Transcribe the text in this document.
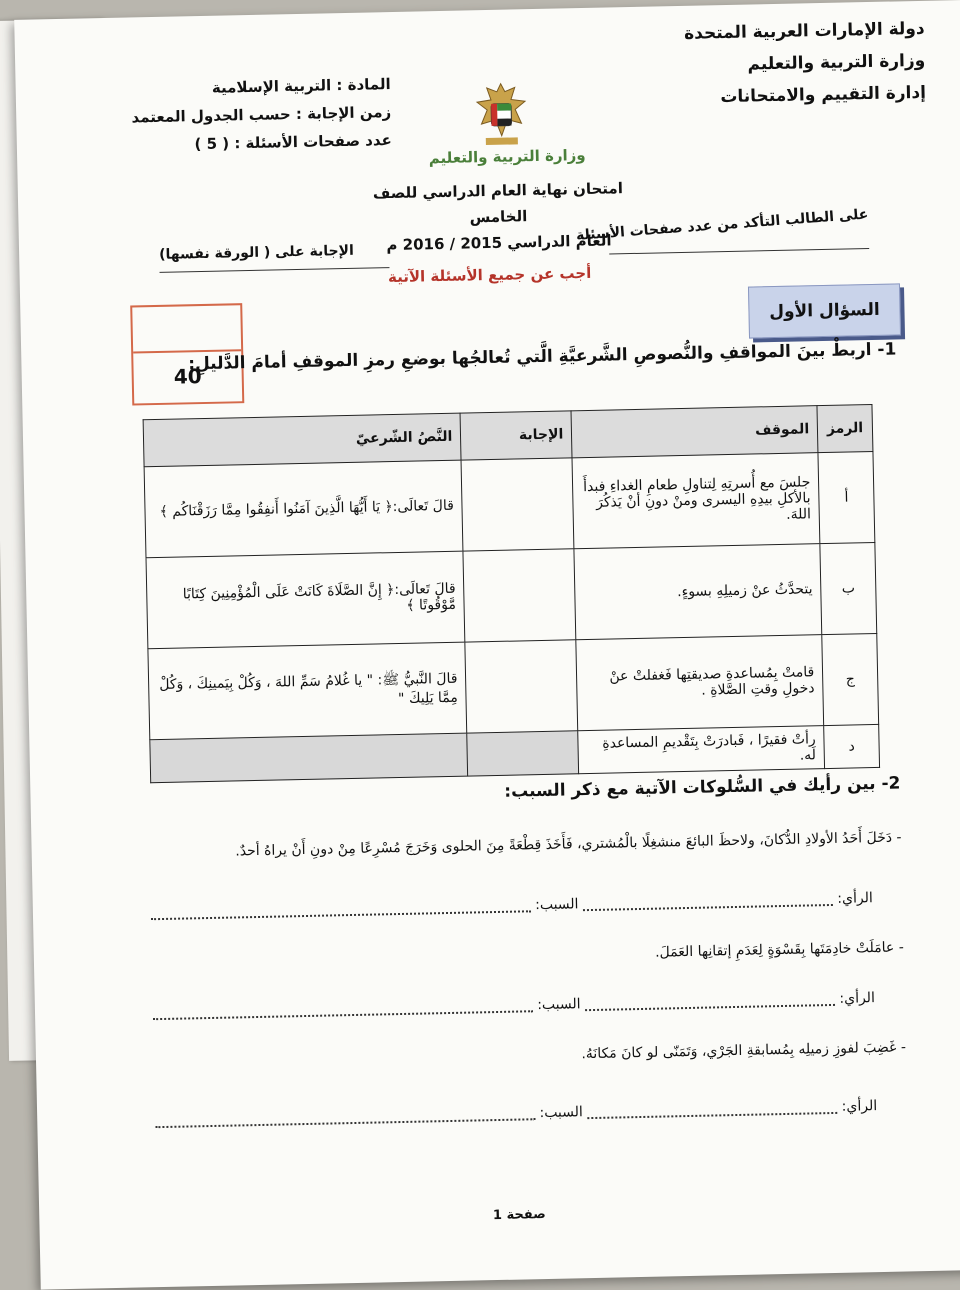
دولة الإمارات العربية المتحدة
وزارة التربية والتعليم
إدارة التقييم والامتحانات
وزارة التربية والتعليم
المادة : التربية الإسلامية
زمن الإجابة : حسب الجدول المعتمد
عدد صفحات الأسئلة : ( 5 )
امتحان نهاية العام الدراسي للصف الخامس
العام الدراسي 2015 / 2016 م
على الطالب التأكد من عدد صفحات الأسئلة
الإجابة على ( الورقة نفسها)
أجب عن جميع الأسئلة الآتية
السؤال الأول
40
1- اربطْ بينَ المواقفِ والنُّصوصِ الشَّرعيَّةِ الَّتي تُعالجُها بوضعِ رمزِ الموقفِ أمامَ الدَّليلِ:
الرمز	الموقف	الإجابة	النَّصُ الشّرعيّ
أ	جلسَ مع أُسرتِهِ لِتناولِ طعامِ الغداءِ فبدأَ بالأكلِ بيدِهِ اليسرى ومنْ دونِ أنْ يَذكُرَ اللهَ.		قالَ تَعالَى:﴿ يَا أَيُّهَا الَّذِينَ آمَنُوا أَنفِقُوا مِمَّا رَزَقْنَاكُم ﴾
ب	يتحدَّثُ عنْ زميلِهِ بسوءٍ.		قالَ تَعالَى:﴿ إِنَّ الصَّلَاةَ كَانَتْ عَلَى الْمُؤْمِنِينَ كِتَابًا مَّوْقُوتًا ﴾
ج	قامتْ بِمُساعدةِ صديقتِها فَغفلتْ عنْ دخولِ وقتِ الصَّلاةِ .		قالَ النَّبيُّ ﷺ: " يا غُلامُ سَمِّ اللهَ ، وَكُلْ بِيَمينِكَ ، وَكُلْ مِمَّا يَلِيكَ "
د	رأتْ فقيرًا ، فَبادرَتْ بِتَقْديمِ المساعدةِ لَه.		
2- بين رأيك في السُّلوكات الآتية مع ذكر السبب:
- دَخَلَ أَحَدُ الأولادِ الدُّكانَ، ولاحظَ البائعَ منشغِلًا بالْمُشتري، فَأَخَذَ قِطْعَةً مِنَ الحلوى وَخَرَجَ مُسْرِعًا مِنْ دونِ أَنْ يراهُ أحدٌ.
الرأي:  السبب:
- عامَلَتْ خادِمَتَها بِقَسْوَةٍ لِعَدَمِ إتقانِها العَمَلَ.
الرأي:  السبب:
- غَضِبَ لفوزِ زميلِه بِمُسابقةِ الجَرْي، وَتَمَنّى لو كانَ مَكانَهُ.
الرأي:  السبب:
صفحة 1
